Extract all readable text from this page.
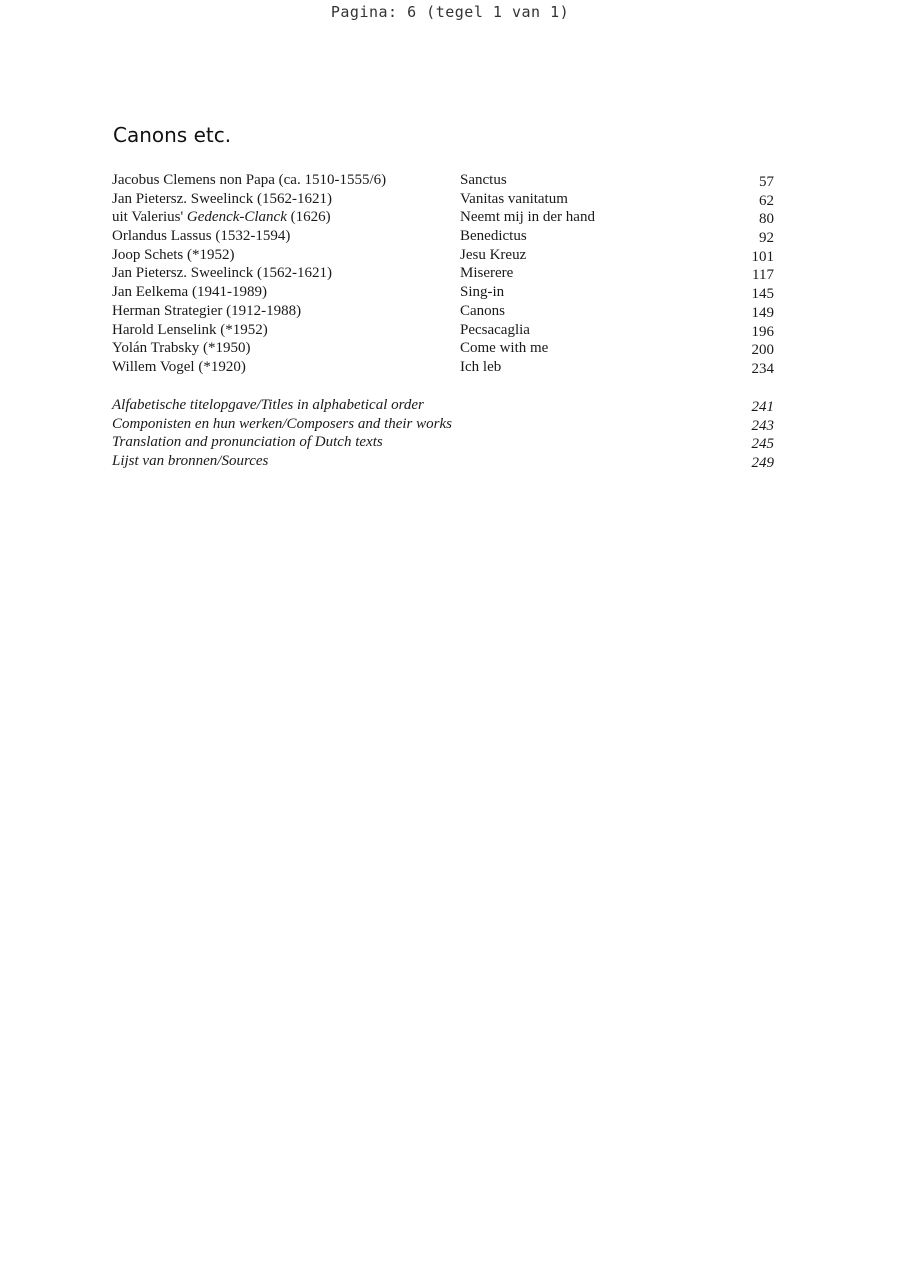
Pagina: 6 (tegel 1 van 1)
Canons etc.
Jacobus Clemens non Papa (ca. 1510-1555/6)	Sanctus	57
Jan Pietersz. Sweelinck (1562-1621)	Vanitas vanitatum	62
uit Valerius' Gedenck-Clanck (1626)	Neemt mij in der hand	80
Orlandus Lassus (1532-1594)	Benedictus	92
Joop Schets (*1952)	Jesu Kreuz	101
Jan Pietersz. Sweelinck (1562-1621)	Miserere	117
Jan Eelkema (1941-1989)	Sing-in	145
Herman Strategier (1912-1988)	Canons	149
Harold Lenselink (*1952)	Pecsacaglia	196
Yolán Trabsky (*1950)	Come with me	200
Willem Vogel (*1920)	Ich leb	234
Alfabetische titelopgave/Titles in alphabetical order	241
Componisten en hun werken/Composers and their works	243
Translation and pronunciation of Dutch texts	245
Lijst van bronnen/Sources	249
